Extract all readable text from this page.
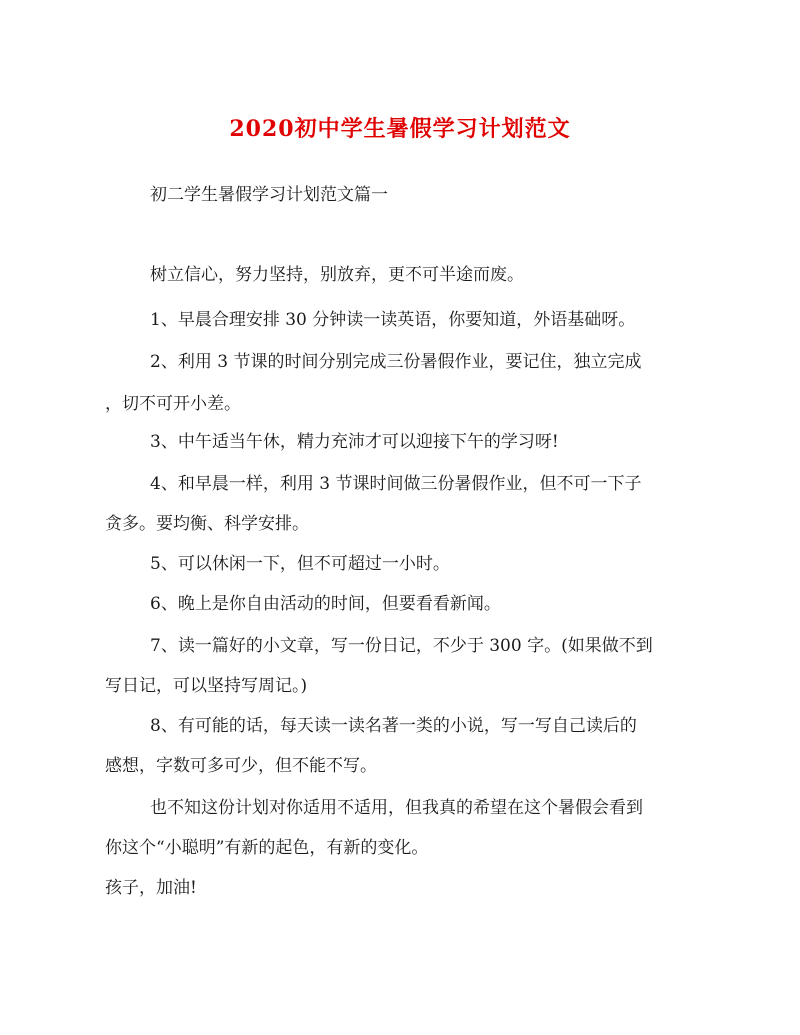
2020初中学生暑假学习计划范文
初二学生暑假学习计划范文篇一
树立信心，努力坚持，别放弃，更不可半途而废。
1、早晨合理安排 30 分钟读一读英语，你要知道，外语基础呀。
2、利用 3 节课的时间分别完成三份暑假作业，要记住，独立完成
，切不可开小差。
3、中午适当午休，精力充沛才可以迎接下午的学习呀!
4、和早晨一样，利用 3 节课时间做三份暑假作业，但不可一下子
贪多。要均衡、科学安排。
5、可以休闲一下，但不可超过一小时。
6、晚上是你自由活动的时间，但要看看新闻。
7、读一篇好的小文章，写一份日记，不少于 300 字。(如果做不到
写日记，可以坚持写周记。)
8、有可能的话，每天读一读名著一类的小说，写一写自己读后的
感想，字数可多可少，但不能不写。
也不知这份计划对你适用不适用，但我真的希望在这个暑假会看到
你这个“小聪明”有新的起色，有新的变化。
孩子，加油!
